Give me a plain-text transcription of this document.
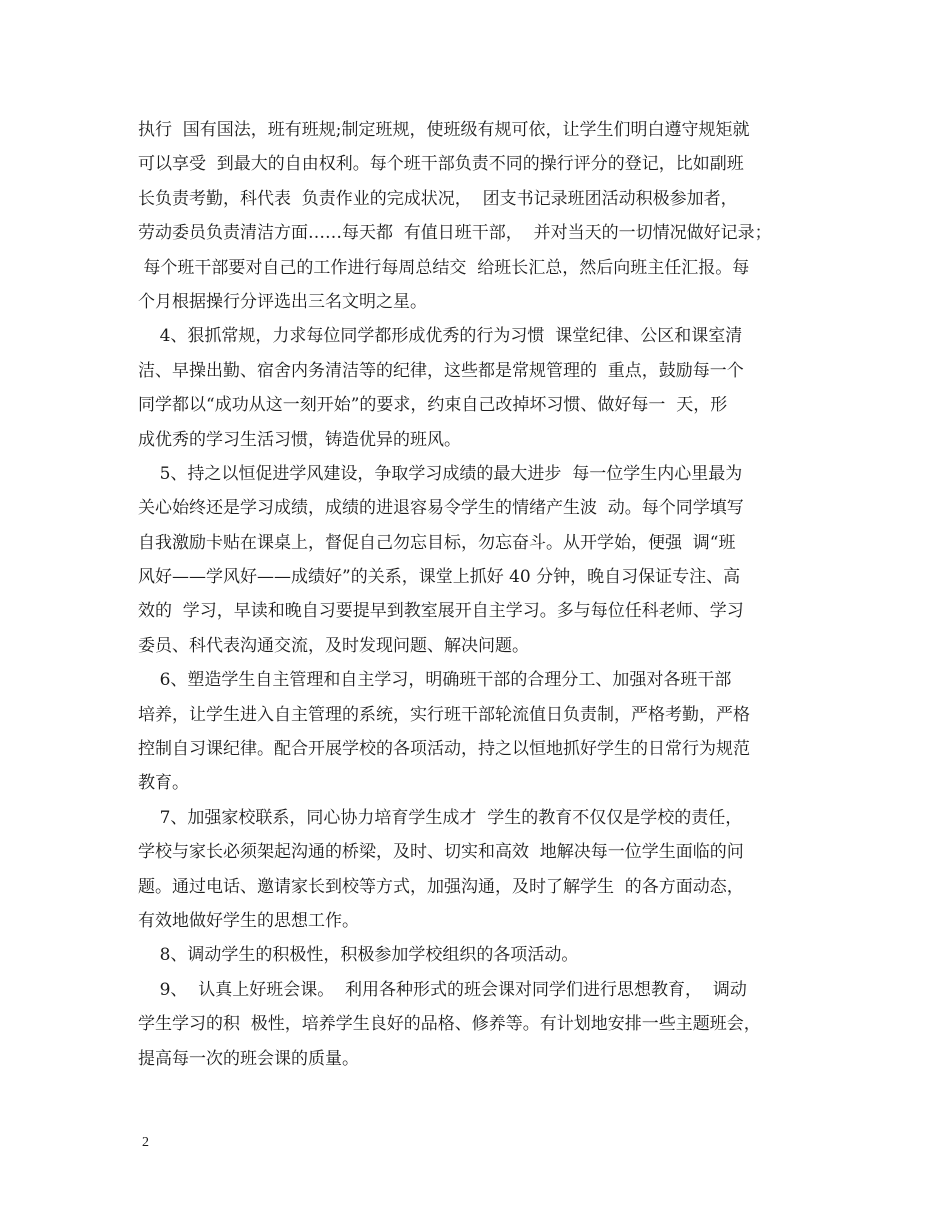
执行  国有国法，班有班规;制定班规，使班级有规可依，让学生们明白遵守规矩就
可以享受  到最大的自由权利。每个班干部负责不同的操行评分的登记，比如副班
长负责考勤，科代表  负责作业的完成状况，  团支书记录班团活动积极参加者，
劳动委员负责清洁方面……每天都  有值日班干部，  并对当天的一切情况做好记录；
每个班干部要对自己的工作进行每周总结交  给班长汇总，然后向班主任汇报。每
个月根据操行分评选出三名文明之星。
4、狠抓常规，力求每位同学都形成优秀的行为习惯  课堂纪律、公区和课室清
洁、早操出勤、宿舍内务清洁等的纪律，这些都是常规管理的  重点，鼓励每一个
同学都以“成功从这一刻开始”的要求，约束自己改掉坏习惯、做好每一  天，形
成优秀的学习生活习惯，铸造优异的班风。
5、持之以恒促进学风建设，争取学习成绩的最大进步  每一位学生内心里最为
关心始终还是学习成绩，成绩的进退容易令学生的情绪产生波  动。每个同学填写
自我激励卡贴在课桌上，督促自己勿忘目标，勿忘奋斗。从开学始，便强  调“班
风好——学风好——成绩好”的关系，课堂上抓好 40 分钟，晚自习保证专注、高
效的  学习，早读和晚自习要提早到教室展开自主学习。多与每位任科老师、学习
委员、科代表沟通交流，及时发现问题、解决问题。
6、塑造学生自主管理和自主学习，明确班干部的合理分工、加强对各班干部
培养，让学生进入自主管理的系统，实行班干部轮流值日负责制，严格考勤，严格
控制自习课纪律。配合开展学校的各项活动，持之以恒地抓好学生的日常行为规范
教育。
7、加强家校联系，同心协力培育学生成才  学生的教育不仅仅是学校的责任，
学校与家长必须架起沟通的桥梁，及时、切实和高效  地解决每一位学生面临的问
题。通过电话、邀请家长到校等方式，加强沟通，及时了解学生  的各方面动态，
有效地做好学生的思想工作。
8、调动学生的积极性，积极参加学校组织的各项活动。
9、  认真上好班会课。  利用各种形式的班会课对同学们进行思想教育，  调动
学生学习的积  极性，培养学生良好的品格、修养等。有计划地安排一些主题班会，
提高每一次的班会课的质量。
2
